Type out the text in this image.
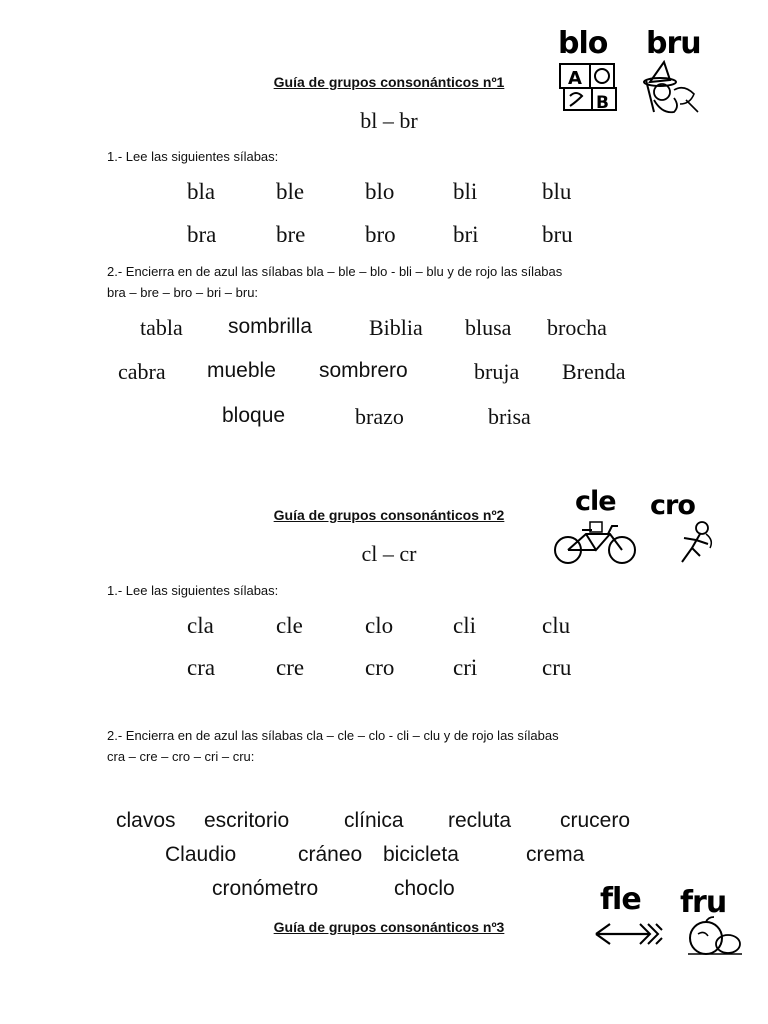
Guía de grupos consonánticos nº1
bl – br
blo bru
A
B
1.- Lee las siguientes sílabas:
bla	ble	blo	bli	blu
bra	bre	bro bri	bru
2.- Encierra en de azul las sílabas bla – ble – blo - bli – blu y de rojo las sílabas
bra – bre – bro – bri – bru:
tabla sombrilla	Biblia blusa brocha
cabra mueble sombrero	bruja Brenda
bloque	brazo	brisa
Guía de grupos consonánticos nº2
cl – cr
cle cro
1.- Lee las siguientes sílabas:
cla	cle	clo	cli	clu
cra	cre	cro	cri	cru
2.- Encierra en de azul las sílabas cla – cle – clo - cli – clu y de rojo las sílabas
cra – cre – cro – cri – cru:
clavos escritorio	clínica recluta crucero
Claudio	cráneo bicicleta	crema
cronómetro	choclo
Guía de grupos consonánticos nº3
fle fru
